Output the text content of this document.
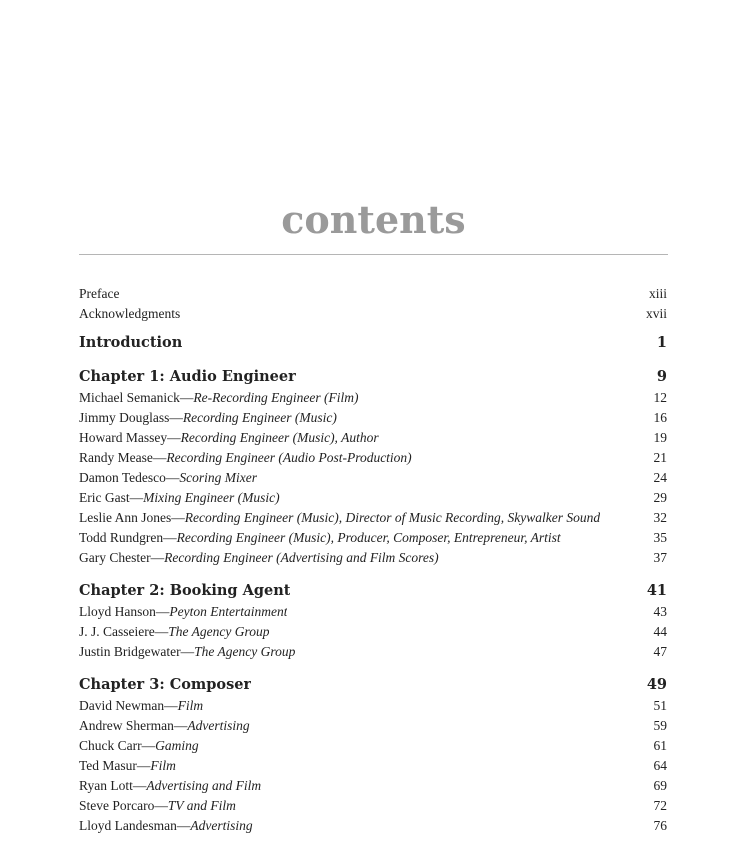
contents
Preface	xiii
Acknowledgments	xvii
Introduction	1
Chapter 1: Audio Engineer	9
Michael Semanick—Re-Recording Engineer (Film)	12
Jimmy Douglass—Recording Engineer (Music)	16
Howard Massey—Recording Engineer (Music), Author	19
Randy Mease—Recording Engineer (Audio Post-Production)	21
Damon Tedesco—Scoring Mixer	24
Eric Gast—Mixing Engineer (Music)	29
Leslie Ann Jones—Recording Engineer (Music), Director of Music Recording, Skywalker Sound	32
Todd Rundgren—Recording Engineer (Music), Producer, Composer, Entrepreneur, Artist	35
Gary Chester—Recording Engineer (Advertising and Film Scores)	37
Chapter 2: Booking Agent	41
Lloyd Hanson—Peyton Entertainment	43
J. J. Casseiere—The Agency Group	44
Justin Bridgewater—The Agency Group	47
Chapter 3: Composer	49
David Newman—Film	51
Andrew Sherman—Advertising	59
Chuck Carr—Gaming	61
Ted Masur—Film	64
Ryan Lott—Advertising and Film	69
Steve Porcaro—TV and Film	72
Lloyd Landesman—Advertising	76
